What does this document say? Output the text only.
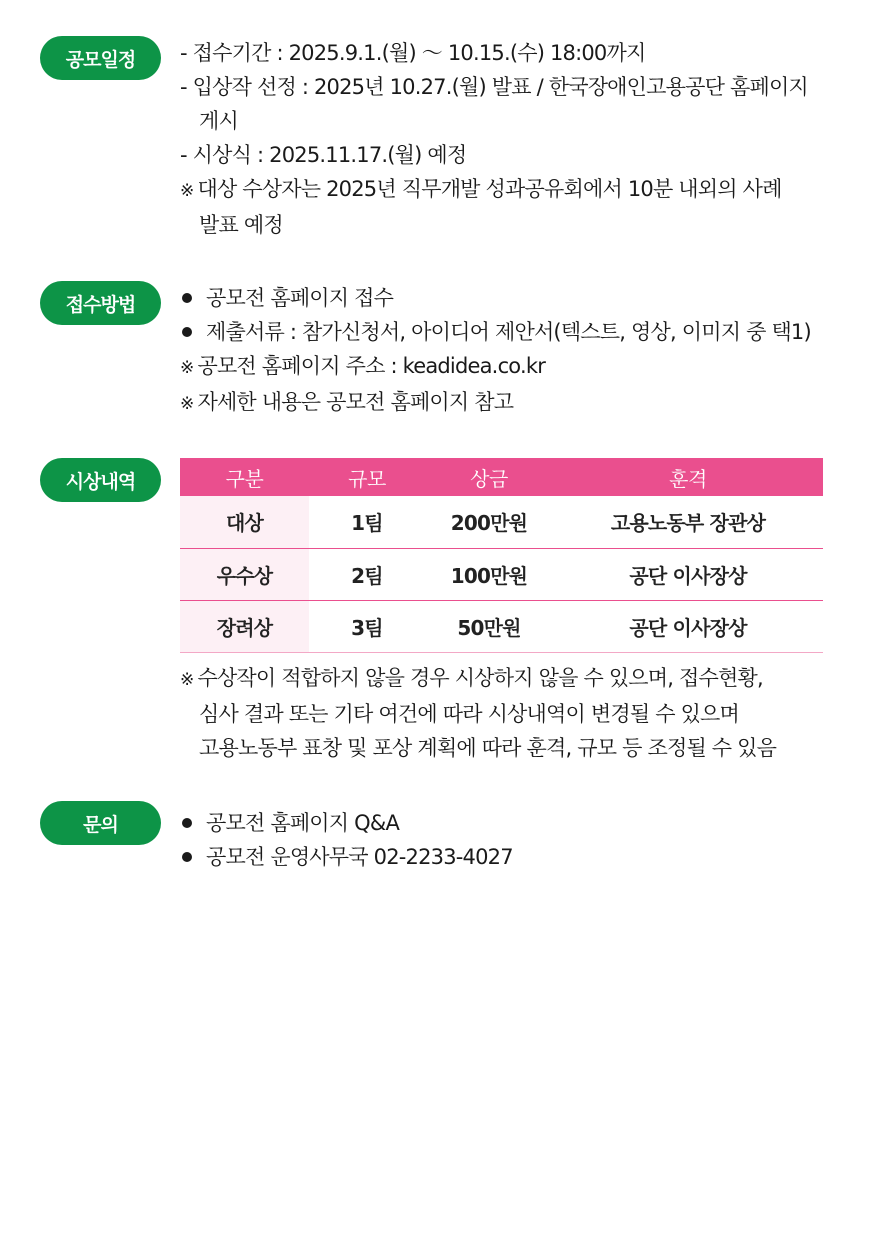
공모일정	- 접수기간 : 2025.9.1.(월) ～ 10.15.(수) 18:00까지
- 입상작 선정 : 2025년 10.27.(월) 발표 / 한국장애인고용공단 홈페이지
게시
- 시상식 : 2025.11.17.(월) 예정
※ 대상 수상자는 2025년 직무개발 성과공유회에서 10분 내외의 사례
발표 예정
접수방법	공모전 홈페이지 접수
제출서류 : 참가신청서, 아이디어 제안서(텍스트, 영상, 이미지 중 택1)
※ 공모전 홈페이지 주소 : keadidea.co.kr
※ 자세한 내용은 공모전 홈페이지 참고
시상내역	구분	규모	상금	훈격
대상	1팀	200만원	고용노동부 장관상
우수상	2팀	100만원	공단 이사장상
장려상	3팀	50만원	공단 이사장상
※ 수상작이 적합하지 않을 경우 시상하지 않을 수 있으며, 접수현황,
심사 결과 또는 기타 여건에 따라 시상내역이 변경될 수 있으며
고용노동부 표창 및 포상 계획에 따라 훈격, 규모 등 조정될 수 있음
문의	공모전 홈페이지 Q&A
공모전 운영사무국 02-2233-4027
